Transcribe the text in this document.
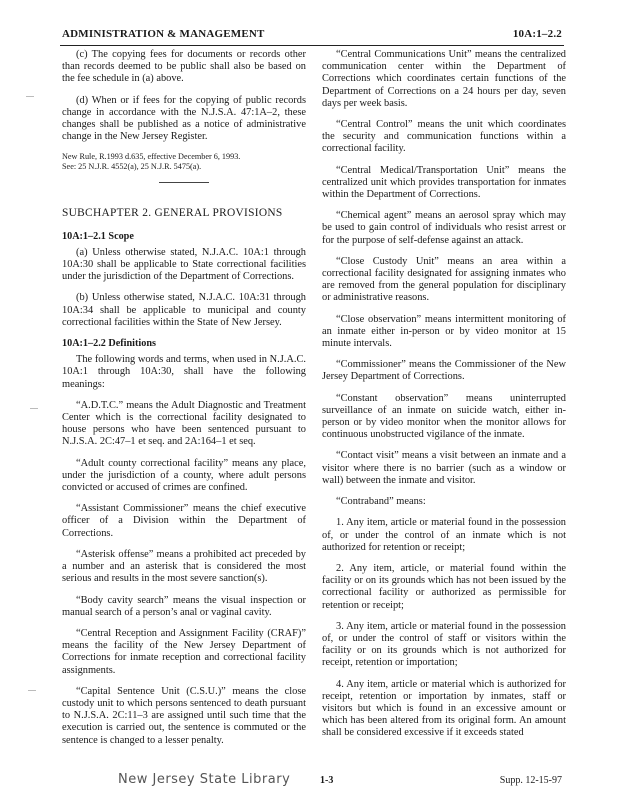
ADMINISTRATION & MANAGEMENT	10A:1–2.2

(c) The copying fees for documents or records other than records deemed to be public shall also be based on the fee schedule in (a) above.

(d) When or if fees for the copying of public records change in accordance with the N.J.S.A. 47:1A–2, these changes shall be published as a notice of administrative change in the New Jersey Register.

New Rule, R.1993 d.635, effective December 6, 1993.
See: 25 N.J.R. 4552(a), 25 N.J.R. 5475(a).
SUBCHAPTER 2. GENERAL PROVISIONS
10A:1–2.1 Scope

(a) Unless otherwise stated, N.J.A.C. 10A:1 through 10A:30 shall be applicable to State correctional facilities under the jurisdiction of the Department of Corrections.

(b) Unless otherwise stated, N.J.A.C. 10A:31 through 10A:34 shall be applicable to municipal and county correctional facilities within the State of New Jersey.

10A:1–2.2 Definitions

The following words and terms, when used in N.J.A.C. 10A:1 through 10A:30, shall have the following meanings:

“A.D.T.C.” means the Adult Diagnostic and Treatment Center which is the correctional facility designated to house persons who have been sentenced pursuant to N.J.S.A. 2C:47–1 et seq. and 2A:164–1 et seq.

“Adult county correctional facility” means any place, under the jurisdiction of a county, where adult persons convicted or accused of crimes are confined.

“Assistant Commissioner” means the chief executive officer of a Division within the Department of Corrections.

“Asterisk offense” means a prohibited act preceded by a number and an asterisk that is considered the most serious and results in the most severe sanction(s).

“Body cavity search” means the visual inspection or manual search of a person’s anal or vaginal cavity.

“Central Reception and Assignment Facility (CRAF)” means the facility of the New Jersey Department of Corrections for inmate reception and correctional facility assignments.

“Capital Sentence Unit (C.S.U.)” means the close custody unit to which persons sentenced to death pursuant to N.J.S.A. 2C:11–3 are assigned until such time that the execution is carried out, the sentence is commuted or the sentence is changed to a lesser penalty.

“Central Communications Unit” means the centralized communication center within the Department of Corrections which coordinates certain functions of the Department of Corrections on a 24 hours per day, seven days per week basis.

“Central Control” means the unit which coordinates the security and communication functions within a correctional facility.

“Central Medical/Transportation Unit” means the centralized unit which provides transportation for inmates within the Department of Corrections.

“Chemical agent” means an aerosol spray which may be used to gain control of individuals who resist arrest or for the purpose of self-defense against an attack.

“Close Custody Unit” means an area within a correctional facility designated for assigning inmates who are removed from the general population for disciplinary or administrative reasons.

“Close observation” means intermittent monitoring of an inmate either in-person or by video monitor at 15 minute intervals.

“Commissioner” means the Commissioner of the New Jersey Department of Corrections.

“Constant observation” means uninterrupted surveillance of an inmate on suicide watch, either in-person or by video monitor when the monitor allows for continuous unobstructed vigilance of the inmate.

“Contact visit” means a visit between an inmate and a visitor where there is no barrier (such as a window or wall) between the inmate and visitor.

“Contraband” means:

1. Any item, article or material found in the possession of, or under the control of an inmate which is not authorized for retention or receipt;

2. Any item, article, or material found within the facility or on its grounds which has not been issued by the correctional facility or authorized as permissible for retention or receipt;

3. Any item, article or material found in the possession of, or under the control of staff or visitors within the facility or on its grounds which is not authorized for receipt, retention or importation;

4. Any item, article or material which is authorized for receipt, retention or importation by inmates, staff or visitors but which is found in an excessive amount or which has been altered from its original form. An amount shall be considered excessive if it exceeds stated

New Jersey State Library	1-3	Supp. 12-15-97
